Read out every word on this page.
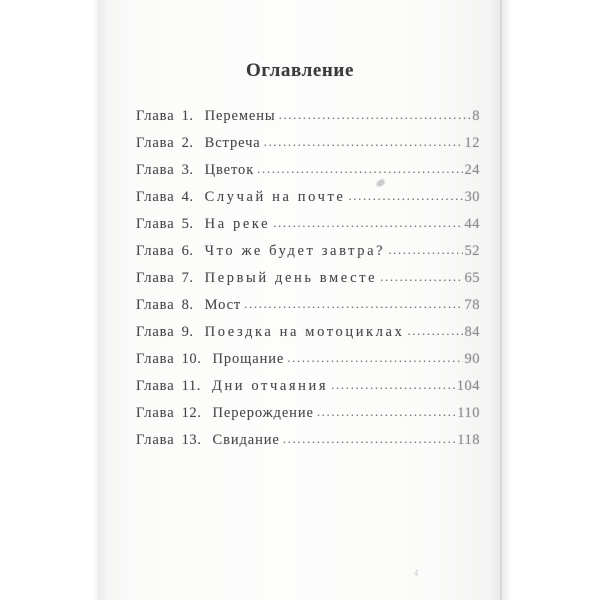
Оглавление
Глава 1. Перемены .....	8
Глава 2. Встреча .....	12
Глава 3. Цветок .....	24
Глава 4. Случай на почте .....	30
Глава 5. На реке .....	44
Глава 6. Что же будет завтра? .....	52
Глава 7. Первый день вместе .....	65
Глава 8. Мост .....	78
Глава 9. Поездка на мотоциклах .....	84
Глава 10. Прощание .....	90
Глава 11. Дни отчаяния .....	104
Глава 12. Перерождение .....	110
Глава 13. Свидание .....	118
4
